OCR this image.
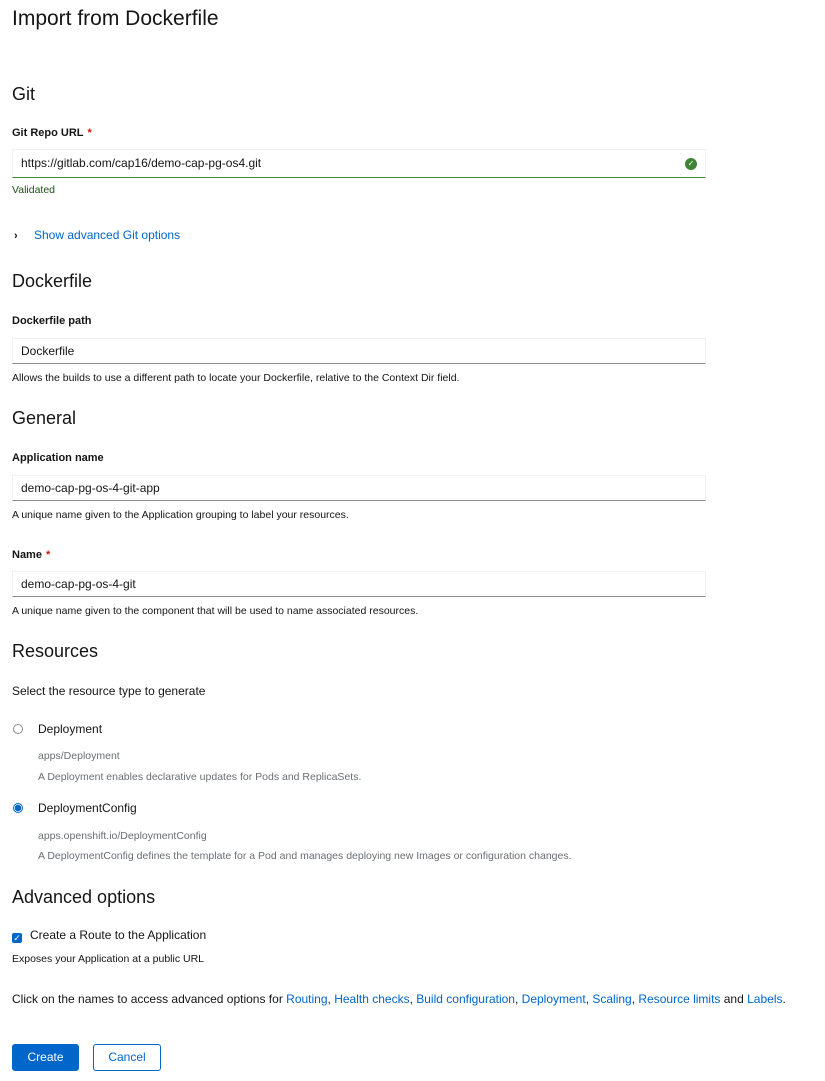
Import from Dockerfile
Git
Git Repo URL *
https://gitlab.com/cap16/demo-cap-pg-os4.git	✓
Validated
› Show advanced Git options
Dockerfile
Dockerfile path
Dockerfile
Allows the builds to use a different path to locate your Dockerfile, relative to the Context Dir field.
General
Application name
demo-cap-pg-os-4-git-app
A unique name given to the Application grouping to label your resources.
Name *
demo-cap-pg-os-4-git
A unique name given to the component that will be used to name associated resources.
Resources
Select the resource type to generate
Deployment
apps/Deployment
A Deployment enables declarative updates for Pods and ReplicaSets.
DeploymentConfig
apps.openshift.io/DeploymentConfig
A DeploymentConfig defines the template for a Pod and manages deploying new Images or configuration changes.
Advanced options
✓ Create a Route to the Application
Exposes your Application at a public URL
Click on the names to access advanced options for Routing, Health checks, Build configuration, Deployment, Scaling, Resource limits and Labels.
Create	Cancel
